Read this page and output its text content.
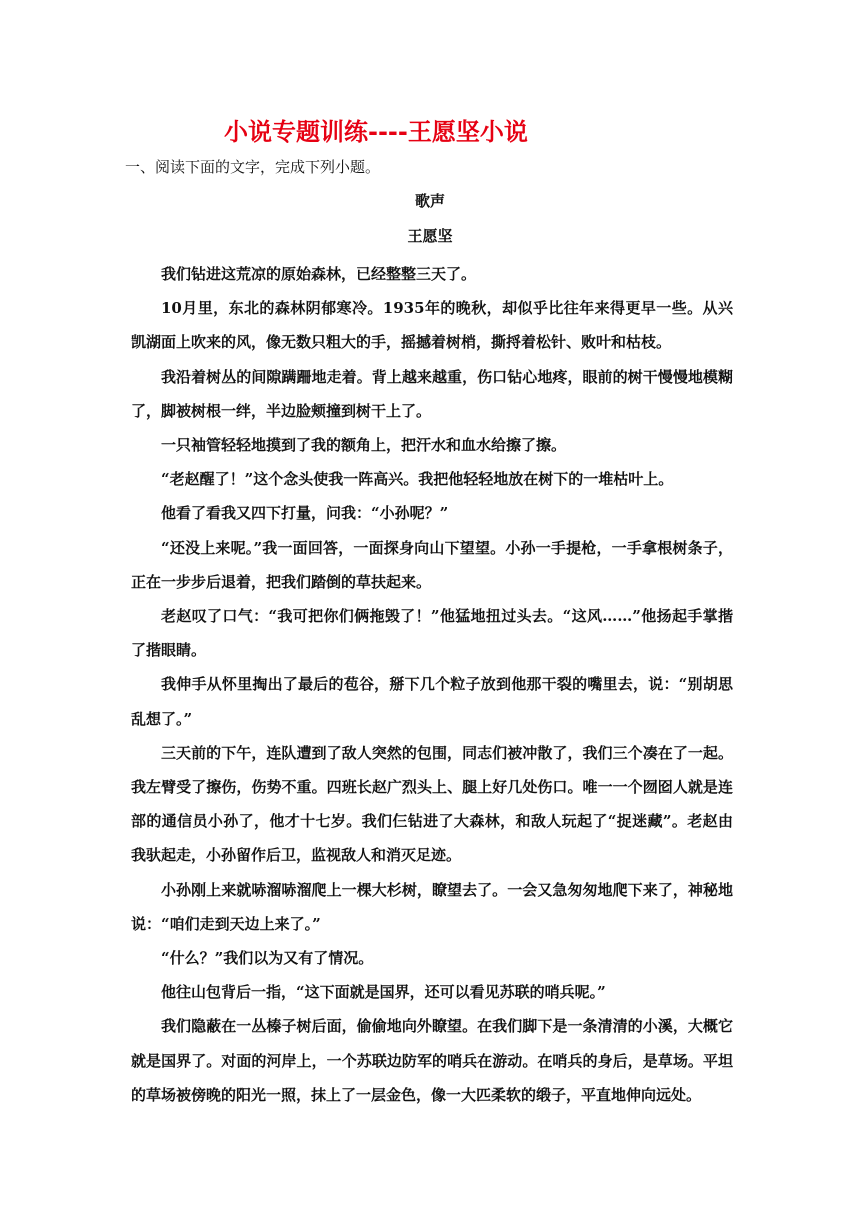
小说专题训练----王愿坚小说
一、阅读下面的文字，完成下列小题。
歌声
王愿坚

我们钻进这荒凉的原始森林，已经整整三天了。

10月里，东北的森林阴郁寒冷。1935年的晚秋，却似乎比往年来得更早一些。从兴凯湖面上吹来的风，像无数只粗大的手，摇撼着树梢，撕捋着松针、败叶和枯枝。

我沿着树丛的间隙蹒跚地走着。背上越来越重，伤口钻心地疼，眼前的树干慢慢地模糊了，脚被树根一绊，半边脸颊撞到树干上了。

一只袖管轻轻地摸到了我的额角上，把汗水和血水给擦了擦。

“老赵醒了！”这个念头使我一阵高兴。我把他轻轻地放在树下的一堆枯叶上。

他看了看我又四下打量，问我：“小孙呢？”

“还没上来呢。”我一面回答，一面探身向山下望望。小孙一手提枪，一手拿根树条子，正在一步步后退着，把我们踏倒的草扶起来。

老赵叹了口气：“我可把你们俩拖毁了！”他猛地扭过头去。“这风……”他扬起手掌揩了揩眼睛。

我伸手从怀里掏出了最后的苞谷，掰下几个粒子放到他那干裂的嘴里去，说：“别胡思乱想了。”

三天前的下午，连队遭到了敌人突然的包围，同志们被冲散了，我们三个凑在了一起。我左臂受了擦伤，伤势不重。四班长赵广烈头上、腿上好几处伤口。唯一一个囫囵人就是连部的通信员小孙了，他才十七岁。我们仨钻进了大森林，和敌人玩起了“捉迷藏”。老赵由我驮起走，小孙留作后卫，监视敌人和消灭足迹。

小孙刚上来就哧溜哧溜爬上一棵大杉树，瞭望去了。一会又急匆匆地爬下来了，神秘地说：“咱们走到天边上来了。”

“什么？”我们以为又有了情况。

他往山包背后一指，“这下面就是国界，还可以看见苏联的哨兵呢。”

我们隐蔽在一丛榛子树后面，偷偷地向外瞭望。在我们脚下是一条清清的小溪，大概它就是国界了。对面的河岸上，一个苏联边防军的哨兵在游动。在哨兵的身后，是草场。平坦的草场被傍晚的阳光一照，抹上了一层金色，像一大匹柔软的缎子，平直地伸向远处。
